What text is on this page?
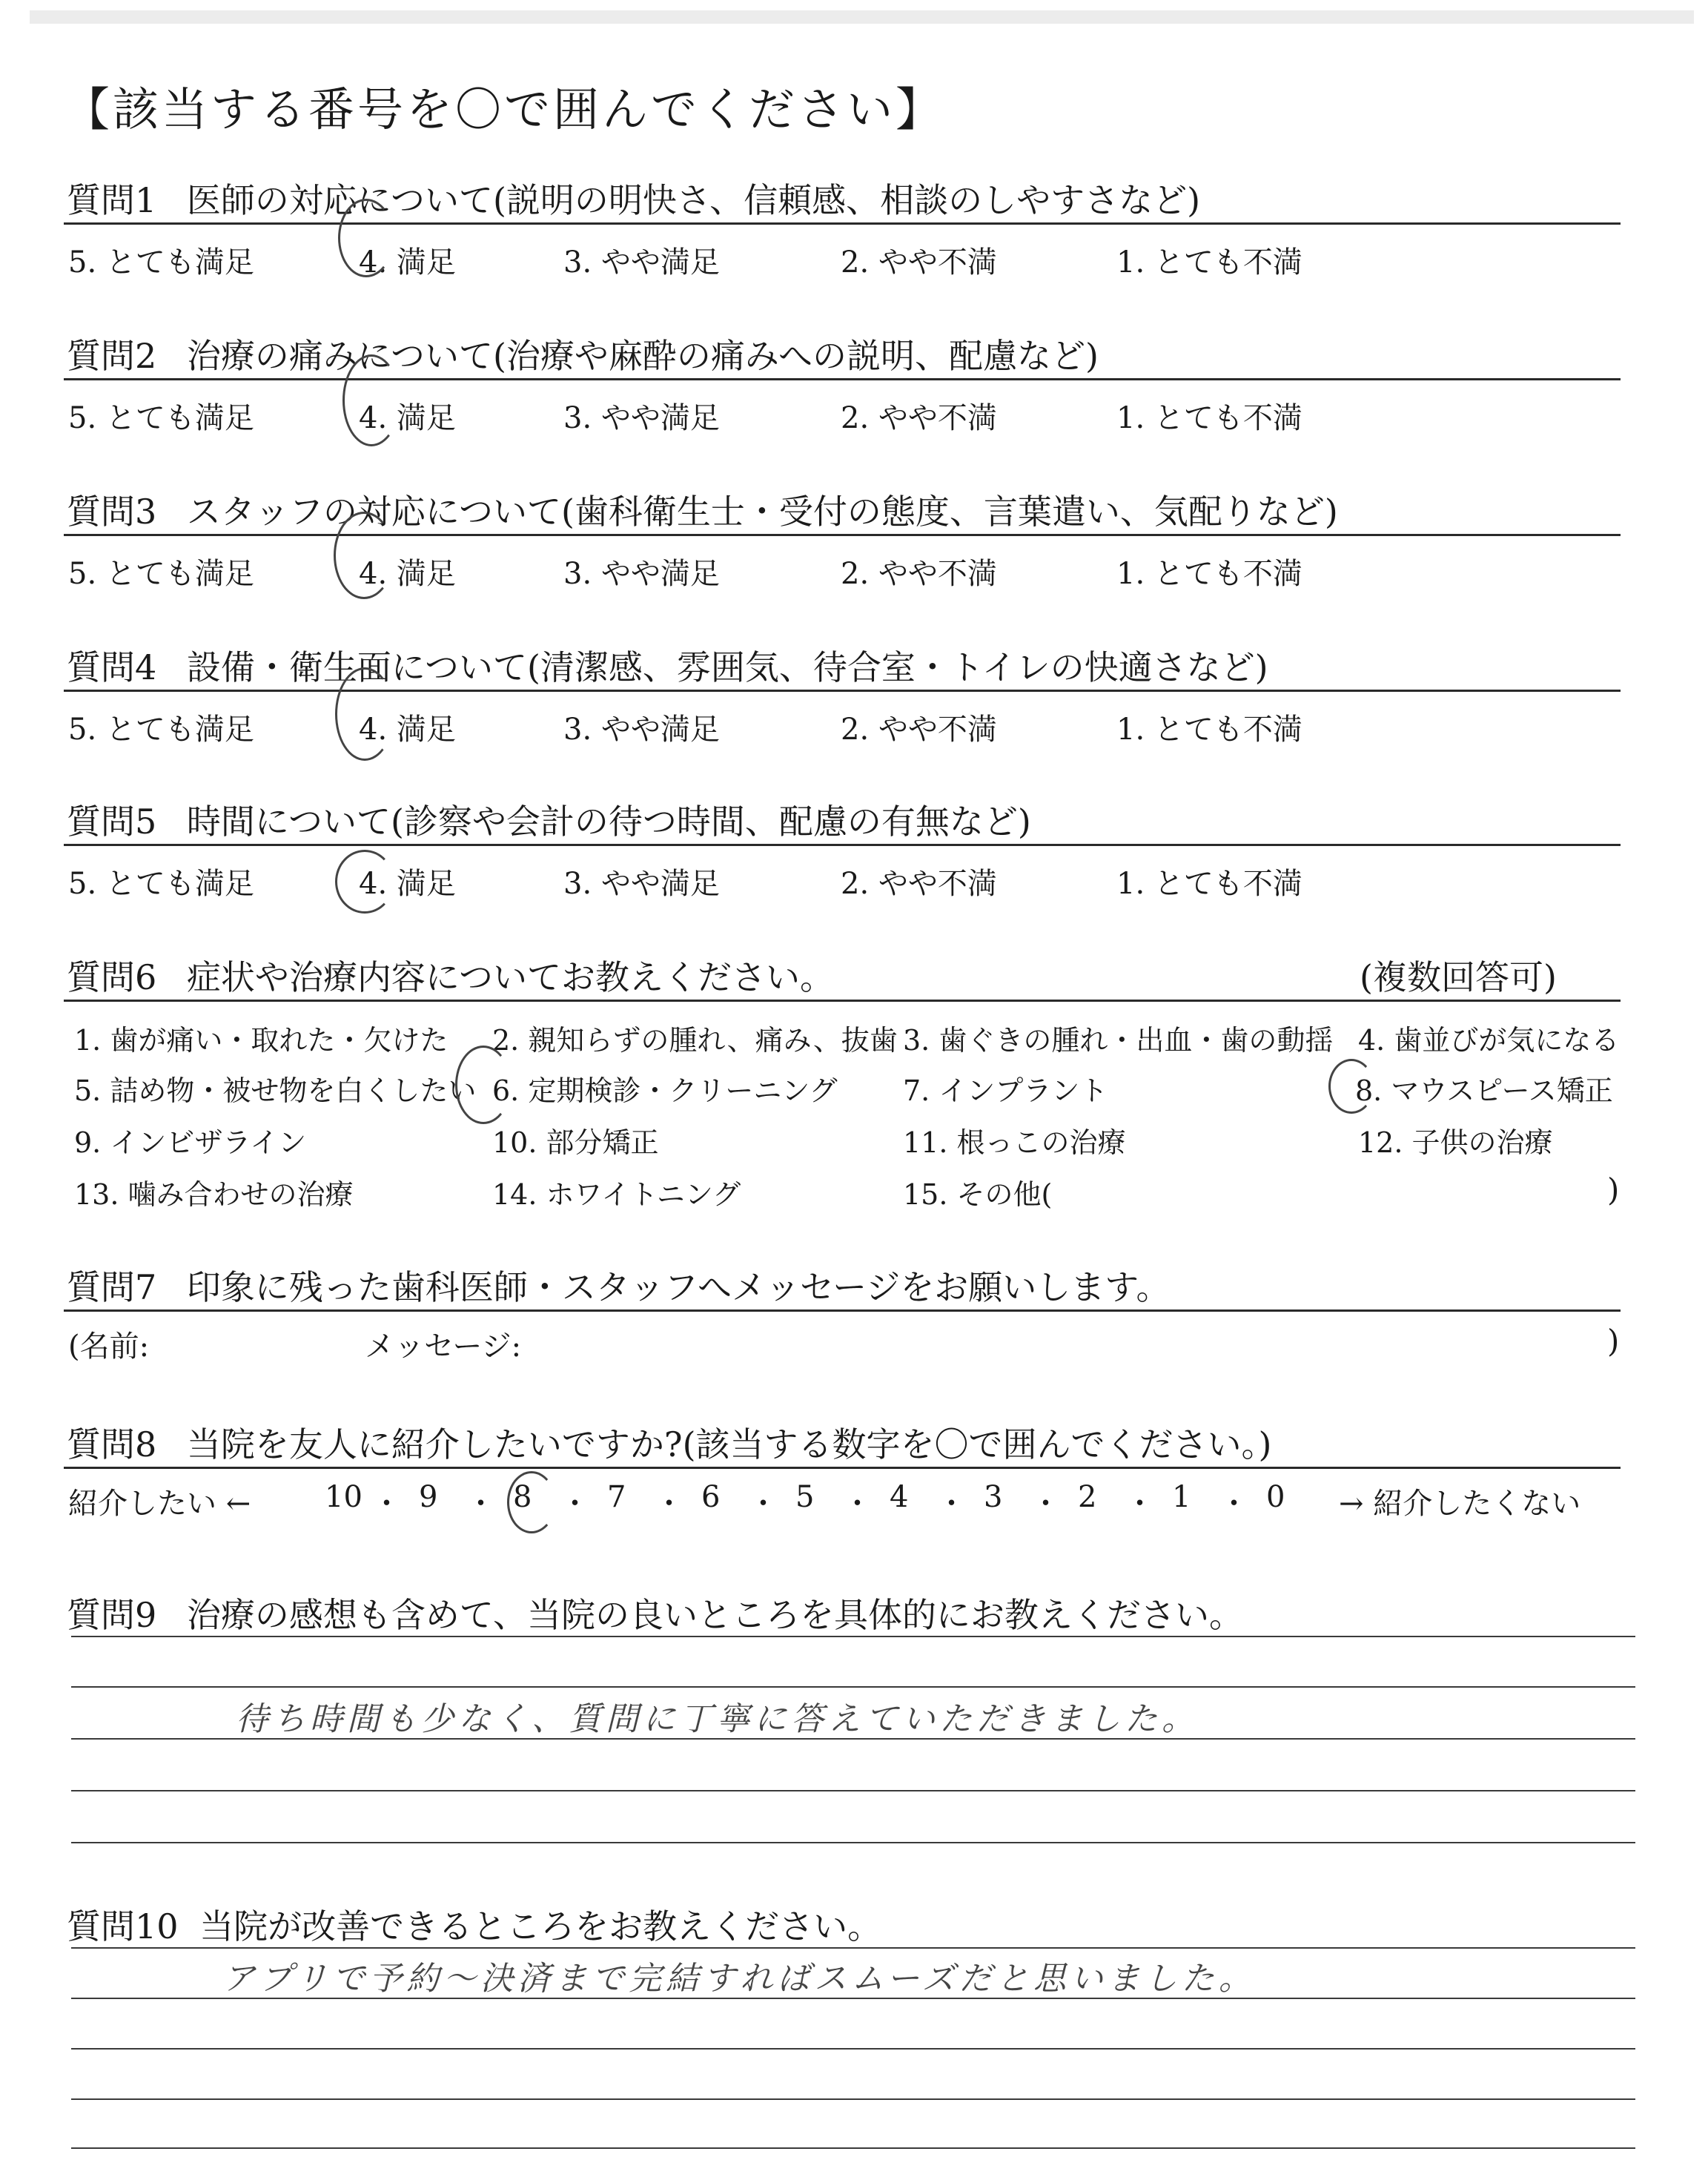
【該当する番号を〇で囲んでください】
質問1 医師の対応について(説明の明快さ、信頼感、相談のしやすさなど)
5. とても満足	4. 満足	3. やや満足	2. やや不満	1. とても不満
質問2 治療の痛みについて(治療や麻酔の痛みへの説明、配慮など)
5. とても満足	4. 満足	3. やや満足	2. やや不満	1. とても不満
質問3 スタッフの対応について(歯科衛生士・受付の態度、言葉遣い、気配りなど)
5. とても満足	4. 満足	3. やや満足	2. やや不満	1. とても不満
質問4 設備・衛生面について(清潔感、雰囲気、待合室・トイレの快適さなど)
5. とても満足	4. 満足	3. やや満足	2. やや不満	1. とても不満
質問5 時間について(診察や会計の待つ時間、配慮の有無など)
5. とても満足	4. 満足	3. やや満足	2. やや不満	1. とても不満
質問6 症状や治療内容についてお教えください。	(複数回答可)
1. 歯が痛い・取れた・欠けた 2. 親知らずの腫れ、痛み、抜歯 3. 歯ぐきの腫れ・出血・歯の動揺 4. 歯並びが気になる
5. 詰め物・被せ物を白くしたい 6. 定期検診・クリーニング 7. インプラント	8. マウスピース矯正
9. インビザライン	10. 部分矯正	11. 根っこの治療	12. 子供の治療
13. 噛み合わせの治療	14. ホワイトニング	15. その他(	)
質問7 印象に残った歯科医師・スタッフへメッセージをお願いします。
(名前:	メッセージ:	)
質問8 当院を友人に紹介したいですか?(該当する数字を〇で囲んでください。)
紹介したい ←	→ 紹介したくない
10 ・ 9 ・ 8 ・ 7 ・ 6 ・ 5 ・ 4 ・ 3 ・ 2 ・ 1 ・ 0
質問9 治療の感想も含めて、当院の良いところを具体的にお教えください。
待ち時間も少なく、質問に丁寧に答えていただきました。
質問10 当院が改善できるところをお教えください。
アプリで予約〜決済まで完結すればスムーズだと思いました。
